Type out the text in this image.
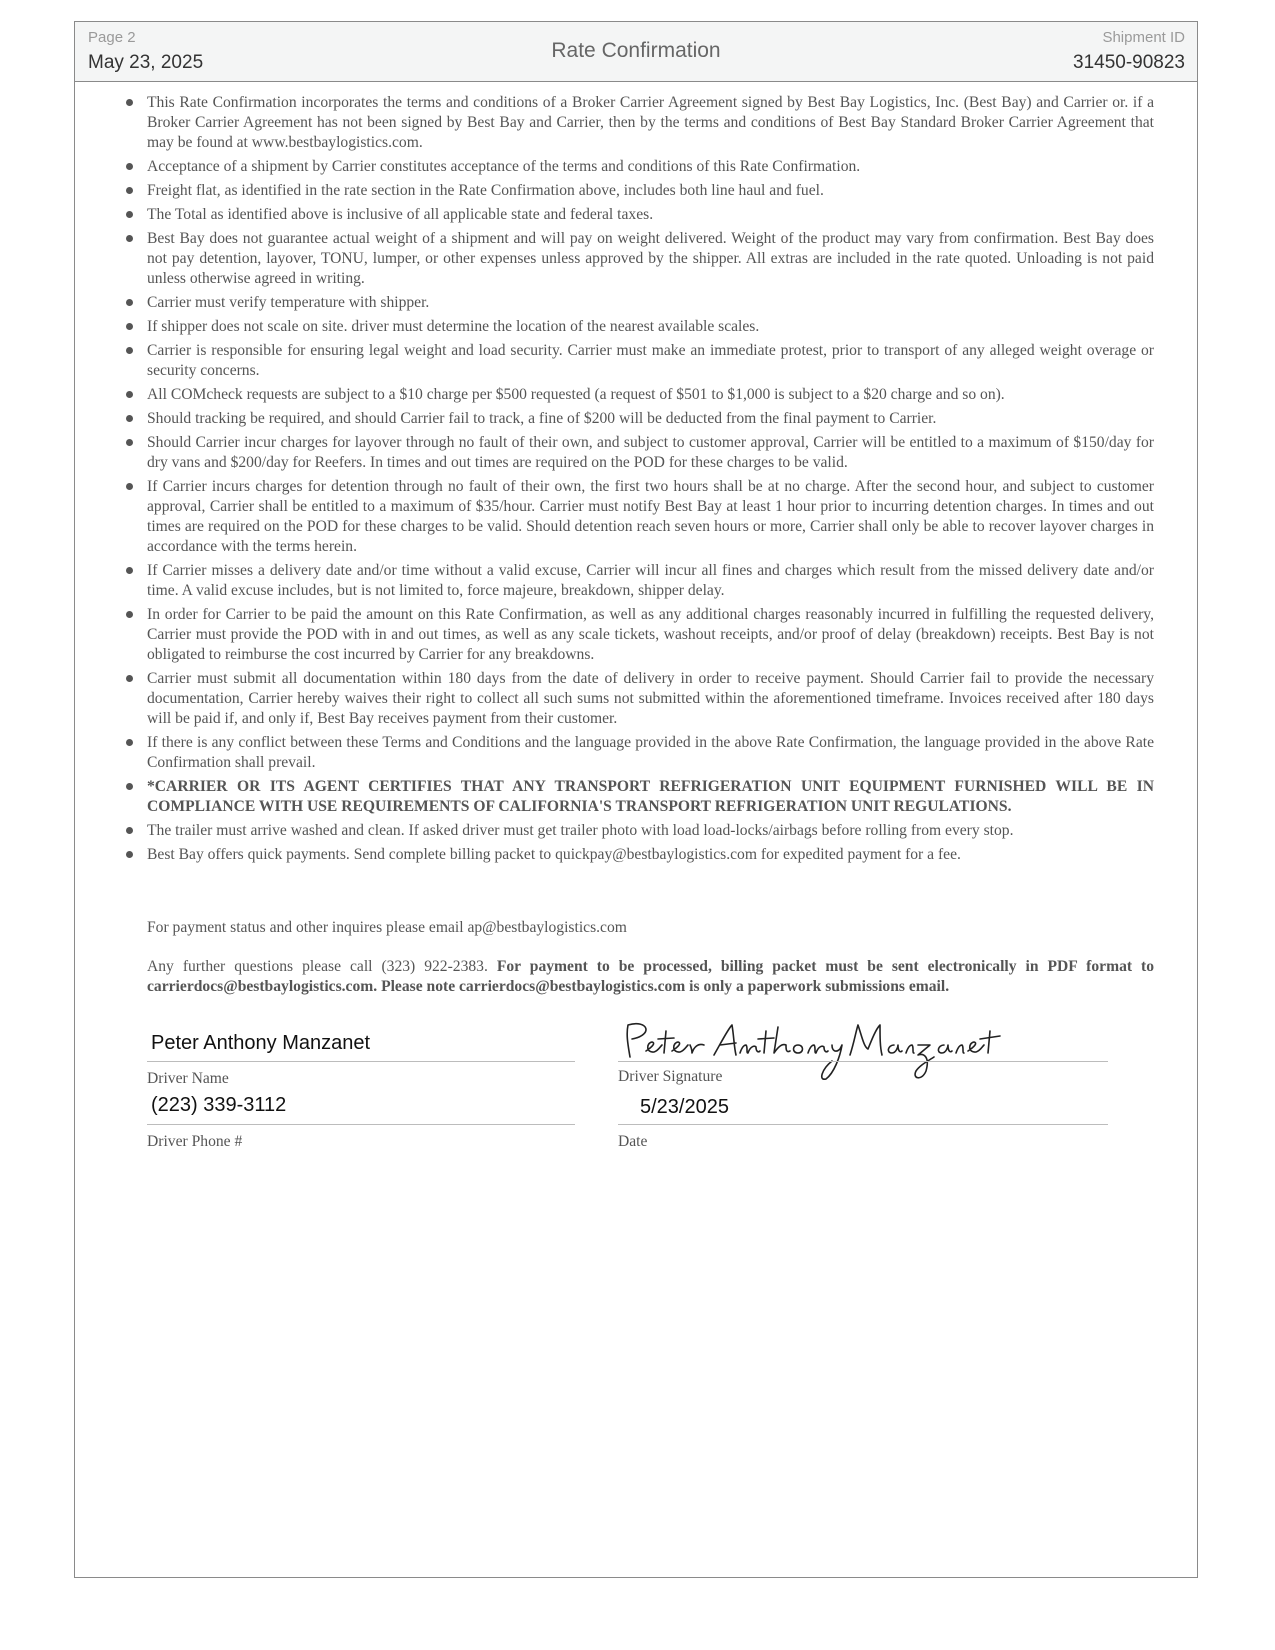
Page 2
May 23, 2025
Rate Confirmation
Shipment ID
31450-90823
This Rate Confirmation incorporates the terms and conditions of a Broker Carrier Agreement signed by Best Bay Logistics, Inc. (Best Bay) and Carrier or. if a Broker Carrier Agreement has not been signed by Best Bay and Carrier, then by the terms and conditions of Best Bay Standard Broker Carrier Agreement that may be found at www.bestbaylogistics.com.
Acceptance of a shipment by Carrier constitutes acceptance of the terms and conditions of this Rate Confirmation.
Freight flat, as identified in the rate section in the Rate Confirmation above, includes both line haul and fuel.
The Total as identified above is inclusive of all applicable state and federal taxes.
Best Bay does not guarantee actual weight of a shipment and will pay on weight delivered. Weight of the product may vary from confirmation. Best Bay does not pay detention, layover, TONU, lumper, or other expenses unless approved by the shipper. All extras are included in the rate quoted. Unloading is not paid unless otherwise agreed in writing.
Carrier must verify temperature with shipper.
If shipper does not scale on site. driver must determine the location of the nearest available scales.
Carrier is responsible for ensuring legal weight and load security. Carrier must make an immediate protest, prior to transport of any alleged weight overage or security concerns.
All COMcheck requests are subject to a $10 charge per $500 requested (a request of $501 to $1,000 is subject to a $20 charge and so on).
Should tracking be required, and should Carrier fail to track, a fine of $200 will be deducted from the final payment to Carrier.
Should Carrier incur charges for layover through no fault of their own, and subject to customer approval, Carrier will be entitled to a maximum of $150/day for dry vans and $200/day for Reefers. In times and out times are required on the POD for these charges to be valid.
If Carrier incurs charges for detention through no fault of their own, the first two hours shall be at no charge. After the second hour, and subject to customer approval, Carrier shall be entitled to a maximum of $35/hour. Carrier must notify Best Bay at least 1 hour prior to incurring detention charges. In times and out times are required on the POD for these charges to be valid. Should detention reach seven hours or more, Carrier shall only be able to recover layover charges in accordance with the terms herein.
If Carrier misses a delivery date and/or time without a valid excuse, Carrier will incur all fines and charges which result from the missed delivery date and/or time. A valid excuse includes, but is not limited to, force majeure, breakdown, shipper delay.
In order for Carrier to be paid the amount on this Rate Confirmation, as well as any additional charges reasonably incurred in fulfilling the requested delivery, Carrier must provide the POD with in and out times, as well as any scale tickets, washout receipts, and/or proof of delay (breakdown) receipts. Best Bay is not obligated to reimburse the cost incurred by Carrier for any breakdowns.
Carrier must submit all documentation within 180 days from the date of delivery in order to receive payment. Should Carrier fail to provide the necessary documentation, Carrier hereby waives their right to collect all such sums not submitted within the aforementioned timeframe. Invoices received after 180 days will be paid if, and only if, Best Bay receives payment from their customer.
If there is any conflict between these Terms and Conditions and the language provided in the above Rate Confirmation, the language provided in the above Rate Confirmation shall prevail.
*CARRIER OR ITS AGENT CERTIFIES THAT ANY TRANSPORT REFRIGERATION UNIT EQUIPMENT FURNISHED WILL BE IN COMPLIANCE WITH USE REQUIREMENTS OF CALIFORNIA'S TRANSPORT REFRIGERATION UNIT REGULATIONS.
The trailer must arrive washed and clean. If asked driver must get trailer photo with load load-locks/airbags before rolling from every stop.
Best Bay offers quick payments. Send complete billing packet to quickpay@bestbaylogistics.com for expedited payment for a fee.

For payment status and other inquires please email ap@bestbaylogistics.com

Any further questions please call (323) 922-2383. For payment to be processed, billing packet must be sent electronically in PDF format to carrierdocs@bestbaylogistics.com. Please note carrierdocs@bestbaylogistics.com is only a paperwork submissions email.

Peter Anthony Manzanet
Driver Name	Driver Signature
(223) 339-3112
Driver Phone #
5/23/2025
Date
